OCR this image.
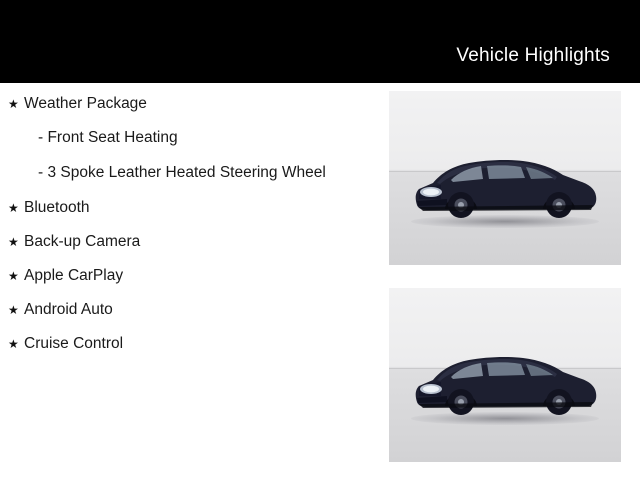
Vehicle Highlights
★ Weather Package
- Front Seat Heating
- 3 Spoke Leather Heated Steering Wheel
★ Bluetooth
★ Back-up Camera
★ Apple CarPlay
★ Android Auto
★ Cruise Control
